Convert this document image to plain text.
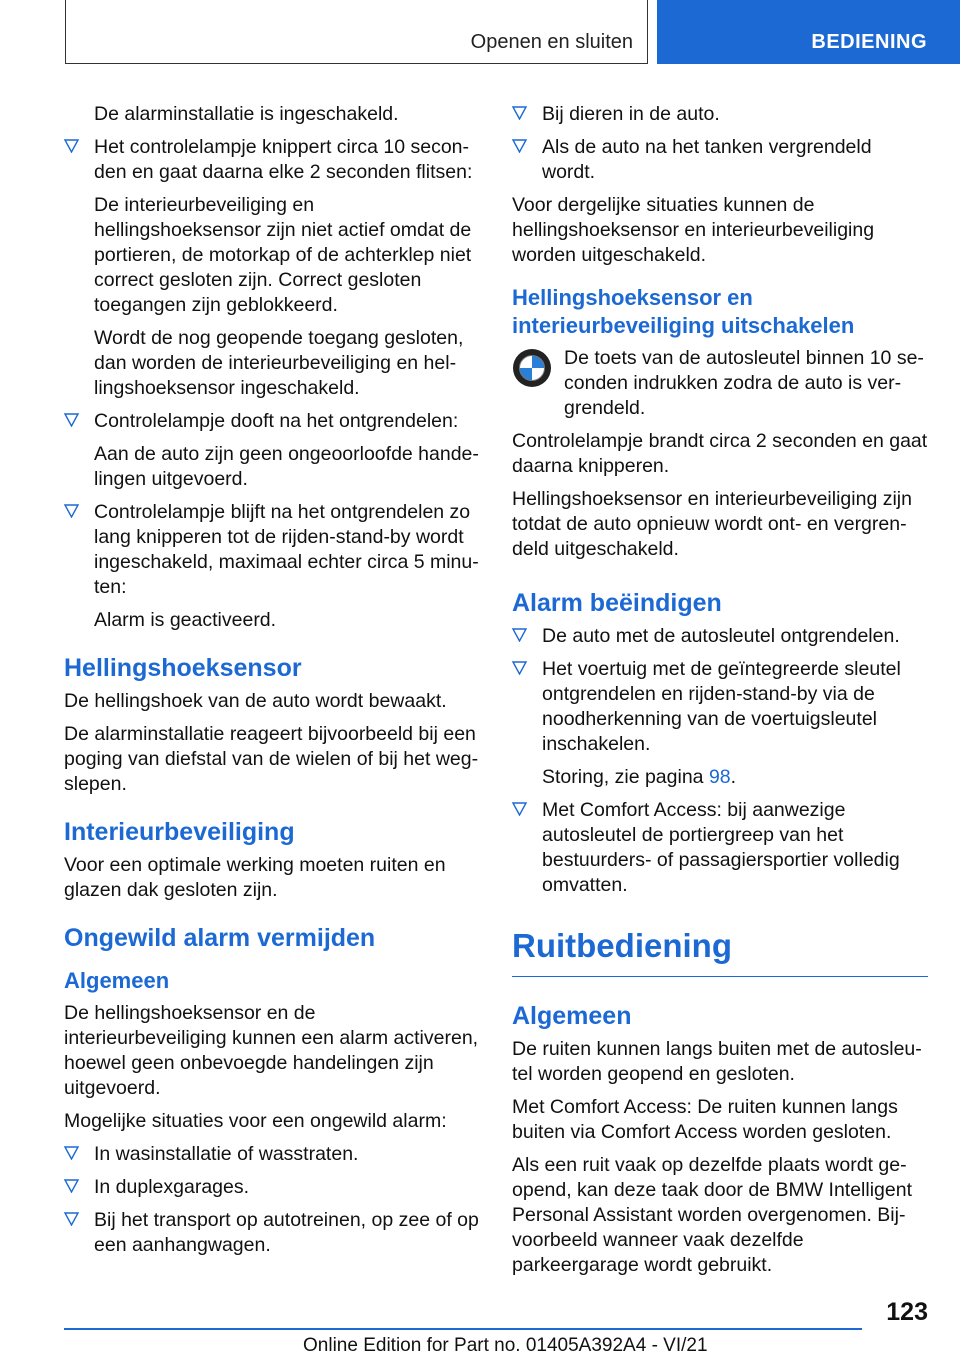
Openen en sluiten	BEDIENING

De alarminstallatie is ingeschakeld.

Het controlelampje knippert circa 10 seconden en gaat daarna elke 2 seconden flitsen:

De interieurbeveiliging en hellingshoeksensor zijn niet actief omdat de portieren, de motorkap of de achterklep niet correct gesloten zijn. Correct gesloten toegangen zijn geblokkeerd.

Wordt de nog geopende toegang gesloten, dan worden de interieurbeveiliging en hellingshoeksensor ingeschakeld.

Controlelampje dooft na het ontgrendelen:

Aan de auto zijn geen ongeoorloofde handelingen uitgevoerd.

Controlelampje blijft na het ontgrendelen zo lang knipperen tot de rijden-stand-by wordt ingeschakeld, maximaal echter circa 5 minuten:

Alarm is geactiveerd.

Hellingshoeksensor

De hellingshoek van de auto wordt bewaakt.

De alarminstallatie reageert bijvoorbeeld bij een poging van diefstal van de wielen of bij het wegslepen.

Interieurbeveiliging

Voor een optimale werking moeten ruiten en glazen dak gesloten zijn.

Ongewild alarm vermijden
Algemeen

De hellingshoeksensor en de interieurbeveiliging kunnen een alarm activeren, hoewel geen onbevoegde handelingen zijn uitgevoerd.

Mogelijke situaties voor een ongewild alarm:

In wasinstallatie of wasstraten.
In duplexgarages.
Bij het transport op autotreinen, op zee of op een aanhangwagen.
Bij dieren in de auto.
Als de auto na het tanken vergrendeld wordt.

Voor dergelijke situaties kunnen de hellingshoeksensor en interieurbeveiliging worden uitgeschakeld.

Hellingshoeksensor en interieurbeveiliging uitschakelen
De toets van de autosleutel binnen 10 seconden indrukken zodra de auto is vergrendeld.

Controlelampje brandt circa 2 seconden en gaat daarna knipperen.

Hellingshoeksensor en interieurbeveiliging zijn totdat de auto opnieuw wordt ont- en vergrendeld uitgeschakeld.

Alarm beëindigen
De auto met de autosleutel ontgrendelen.
Het voertuig met de geïntegreerde sleutel ontgrendelen en rijden-stand-by via de noodherkenning van de voertuigsleutel inschakelen.

Storing, zie pagina 98.

Met Comfort Access: bij aanwezige autosleutel de portiergreep van het bestuurders- of passagiersportier volledig omvatten.
Ruitbediening
Algemeen

De ruiten kunnen langs buiten met de autosleutel worden geopend en gesloten.

Met Comfort Access: De ruiten kunnen langs buiten via Comfort Access worden gesloten.

Als een ruit vaak op dezelfde plaats wordt geopend, kan deze taak door de BMW Intelligent Personal Assistant worden overgenomen. Bijvoorbeeld wanneer vaak dezelfde parkeergarage wordt gebruikt.

123
Online Edition for Part no. 01405A392A4 - VI/21
